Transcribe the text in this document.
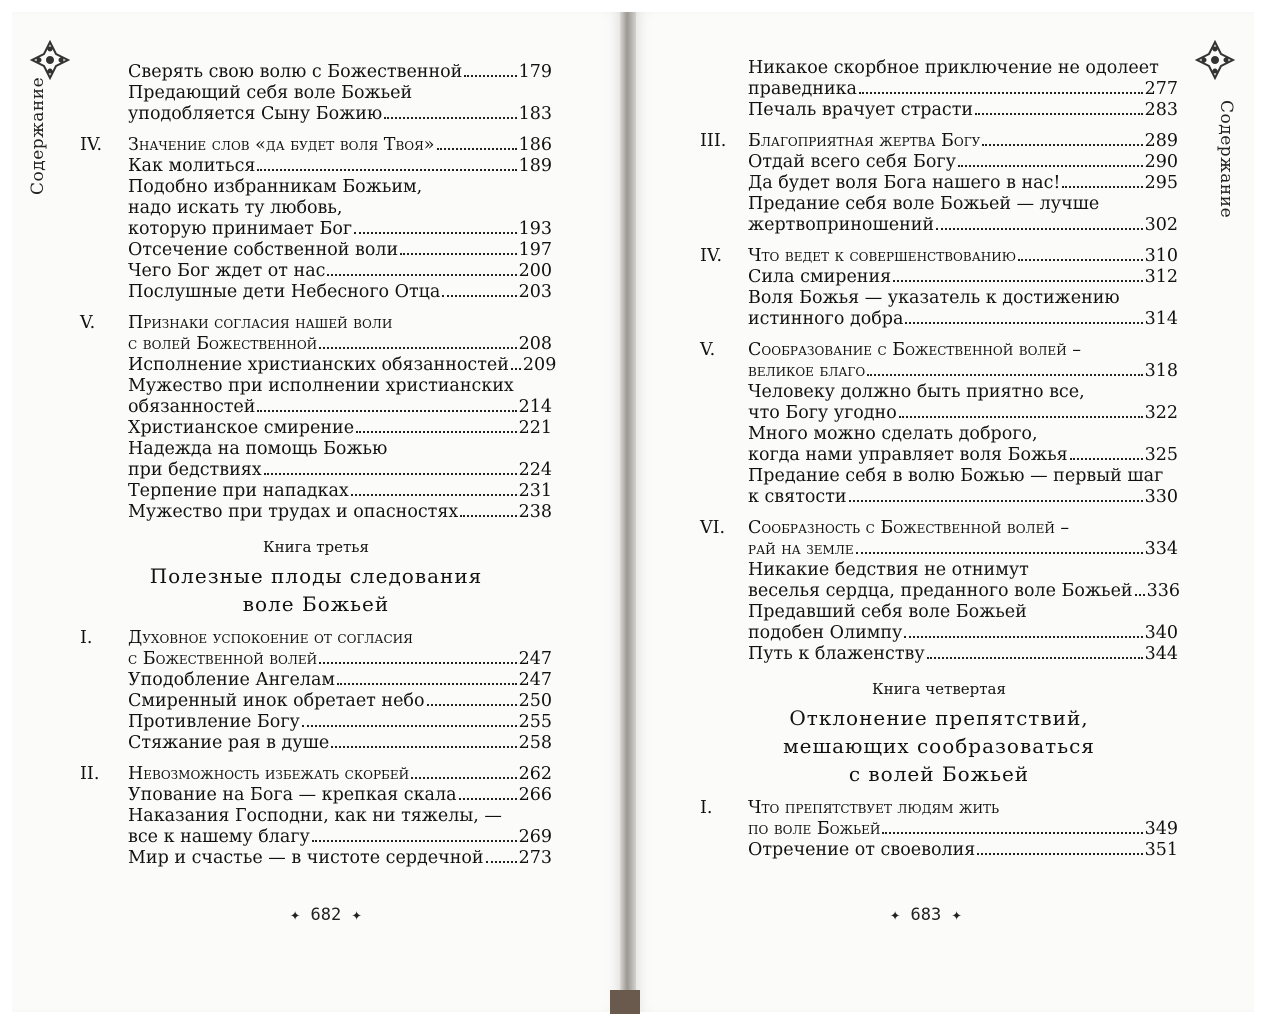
Содержание	Содержание
Сверять свою волю с Божественной	179
Предающий себя воле Божьей
уподобляется Сыну Божию	183
IV. Значение слов «да будет воля Твоя»	186
Как молиться	189
Подобно избранникам Божьим,
надо искать ту любовь,
которую принимает Бог	193
Отсечение собственной воли	197
Чего Бог ждет от нас	200
Послушные дети Небесного Отца	203
V. Признаки согласия нашей воли
с волей Божественной	208
Исполнение христианских обязанностей 209
Мужество при исполнении христианских
обязанностей	214
Христианское смирение	221
Надежда на помощь Божью
при бедствиях	224
Терпение при нападках	231
Мужество при трудах и опасностях	238
Книга третья
Полезные плоды следования
воле Божьей
I. Духовное успокоение от согласия
с Божественной волей	247
Уподобление Ангелам	247
Смиренный инок обретает небо	250
Противление Богу	255
Стяжание рая в душе	258
II. Невозможность избежать скорбей	262
Упование на Бога — крепкая скала	266
Наказания Господни, как ни тяжелы, —
все к нашему благу	269
Мир и счастье — в чистоте сердечной 273
Никакое скорбное приключение не одолеет
праведника	277
Печаль врачует страсти	283
III. Благоприятная жертва Богу	289
Отдай всего себя Богу	290
Да будет воля Бога нашего в нас!	295
Предание себя воле Божьей — лучше
жертвоприношений	302
IV. Что ведет к совершенствованию	310
Сила смирения	312
Воля Божья — указатель к достижению
истинного добра	314
V. Сообразование с Божественной волей –
великое благо	318
Человеку должно быть приятно все,
что Богу угодно	322
Много можно сделать доброго,
когда нами управляет воля Божья	325
Предание себя в волю Божью — первый шаг
к святости	330
VI. Сообразность с Божественной волей –
рай на земле	334
Никакие бедствия не отнимут
веселья сердца, преданного воле Божьей 336
Предавший себя воле Божьей
подобен Олимпу	340
Путь к блаженству	344
Книга четвертая
Отклонение препятствий,
мешающих сообразоваться
с волей Божьей
I. Что препятствует людям жить
по воле Божьей	349
Отречение от своеволия	351
✦ 682 ✦	✦ 683 ✦
